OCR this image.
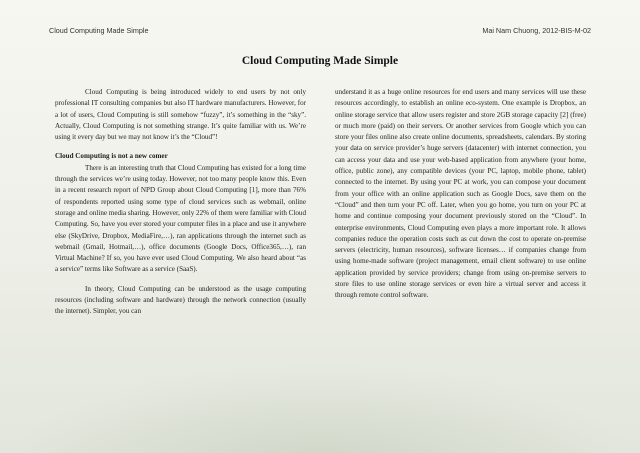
Cloud Computing Made Simple	Mai Nam Chuong, 2012-BIS-M-02
Cloud Computing Made Simple

Cloud Computing is being introduced widely to end users by not only professional IT consulting companies but also IT hardware manufacturers. However, for a lot of users, Cloud Computing is still somehow “fuzzy”, it’s something in the “sky”. Actually, Cloud Computing is not something strange. It’s quite familiar with us. We’re using it every day but we may not know it’s the “Cloud”!

Cloud Computing is not a new comer

There is an interesting truth that Cloud Computing has existed for a long time through the services we’re using today. However, not too many people know this. Even in a recent research report of NPD Group about Cloud Computing [1], more than 76% of respondents reported using some type of cloud services such as webmail, online storage and online media sharing. However, only 22% of them were familiar with Cloud Computing. So, have you ever stored your computer files in a place and use it anywhere else (SkyDrive, Dropbox, MediaFire,…), ran applications through the internet such as webmail (Gmail, Hotmail,…), office documents (Google Docs, Office365,…), ran Virtual Machine? If so, you have ever used Cloud Computing. We also heard about “as a service” terms like Software as a service (SaaS).

In theory, Cloud Computing can be understood as the usage computing resources (including software and hardware) through the network connection (usually the internet). Simpler, you can

understand it as a huge online resources for end users and many services will use these resources accordingly, to establish an online eco-system. One example is Dropbox, an online storage service that allow users register and store 2GB storage capacity [2] (free) or much more (paid) on their servers. Or another services from Google which you can store your files online also create online documents, spreadsheets, calendars. By storing your data on service provider’s huge servers (datacenter) with internet connection, you can access your data and use your web-based application from anywhere (your home, office, public zone), any compatible devices (your PC, laptop, mobile phone, tablet) connected to the internet. By using your PC at work, you can compose your document from your office with an online application such as Google Docs, save them on the “Cloud” and then turn your PC off. Later, when you go home, you turn on your PC at home and continue composing your document previously stored on the “Cloud”. In enterprise environments, Cloud Computing even plays a more important role. It allows companies reduce the operation costs such as cut down the cost to operate on-premise servers (electricity, human resources), software licenses… if companies change from using home-made software (project management, email client software) to use online application provided by service providers; change from using on-premise servers to store files to use online storage services or even hire a virtual server and access it through remote control software.
